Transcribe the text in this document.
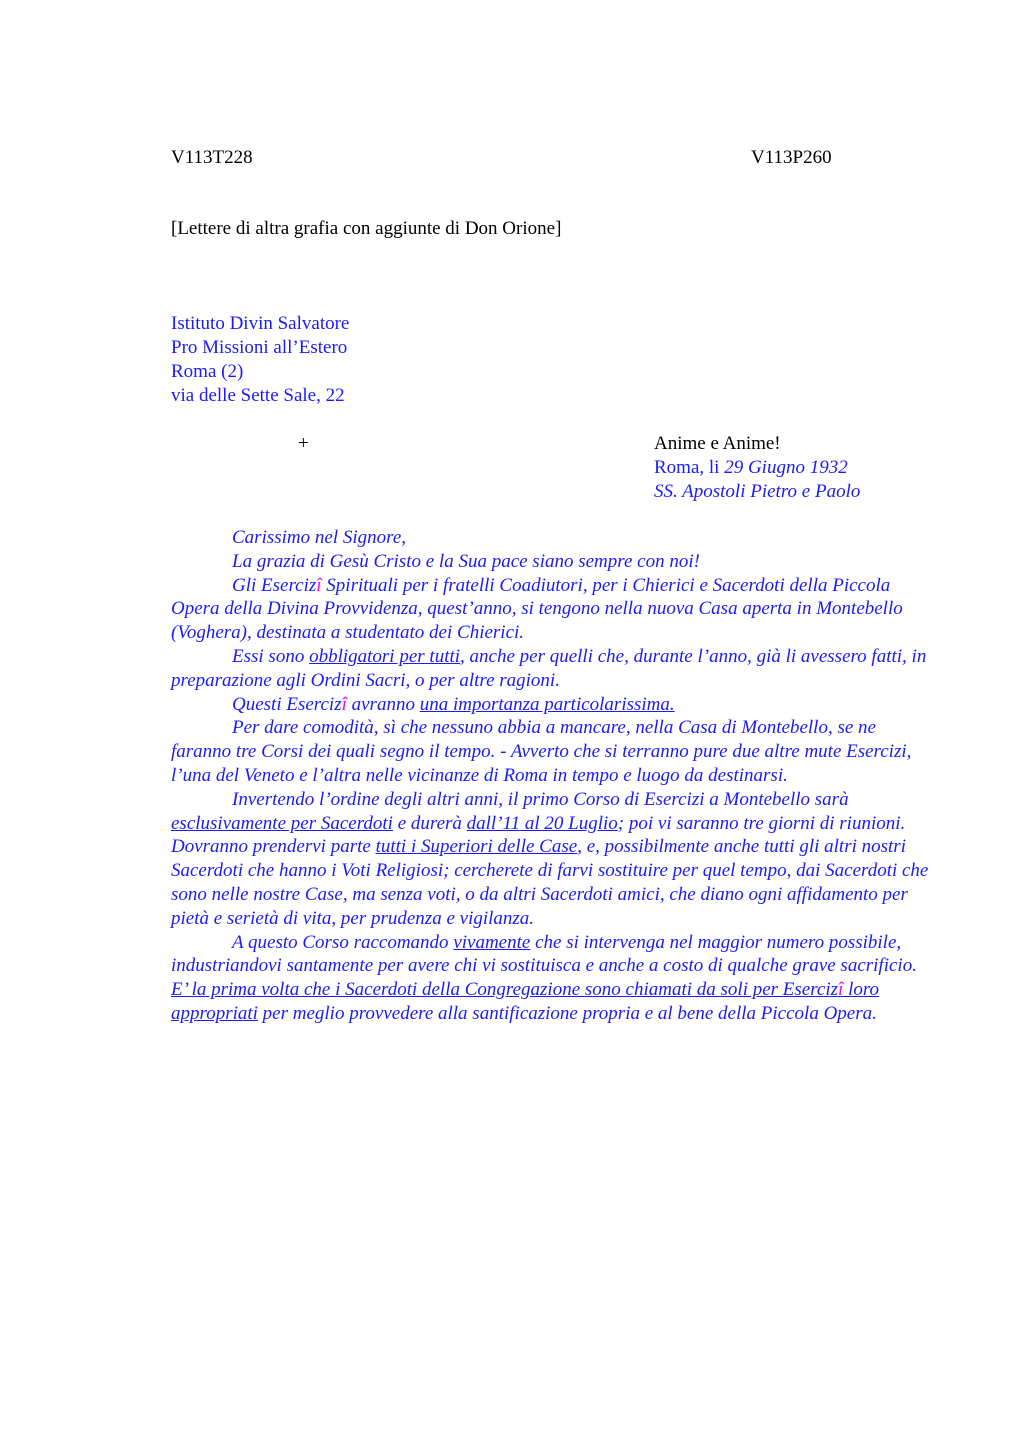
V113T228	V113P260
[Lettere di altra grafia con aggiunte di Don Orione]
Istituto Divin Salvatore
Pro Missioni all’Estero
Roma (2)
via delle Sette Sale, 22
+	Anime e Anime!
Roma, li 29 Giugno 1932
SS. Apostoli Pietro e Paolo

Carissimo nel Signore,

La grazia di Gesù Cristo e la Sua pace siano sempre con noi!

Gli Esercizî Spirituali per i fratelli Coadiutori, per i Chierici e Sacerdoti della Piccola Opera della Divina Provvidenza, quest’anno, si tengono nella nuova Casa aperta in Montebello (Voghera), destinata a studentato dei Chierici.

Essi sono obbligatori per tutti, anche per quelli che, durante l’anno, già li avessero fatti, in preparazione agli Ordini Sacri, o per altre ragioni.

Questi Esercizî avranno una importanza particolarissima.

Per dare comodità, sì che nessuno abbia a mancare, nella Casa di Montebello, se ne faranno tre Corsi dei quali segno il tempo. - Avverto che si terranno pure due altre mute Esercizi, l’una del Veneto e l’altra nelle vicinanze di Roma in tempo e luogo da destinarsi.

Invertendo l’ordine degli altri anni, il primo Corso di Esercizi a Montebello sarà esclusivamente per Sacerdoti e durerà dall’11 al 20 Luglio; poi vi saranno tre giorni di riunioni. Dovranno prendervi parte tutti i Superiori delle Case, e, possibilmente anche tutti gli altri nostri Sacerdoti che hanno i Voti Religiosi; cercherete di farvi sostituire per quel tempo, dai Sacerdoti che sono nelle nostre Case, ma senza voti, o da altri Sacerdoti amici, che diano ogni affidamento per pietà e serietà di vita, per prudenza e vigilanza.

A questo Corso raccomando vivamente che si intervenga nel maggior numero possibile, industriandovi santamente per avere chi vi sostituisca e anche a costo di qualche grave sacrificio. E’ la prima volta che i Sacerdoti della Congregazione sono chiamati da soli per Esercizî loro appropriati per meglio provvedere alla santificazione propria e al bene della Piccola Opera.
